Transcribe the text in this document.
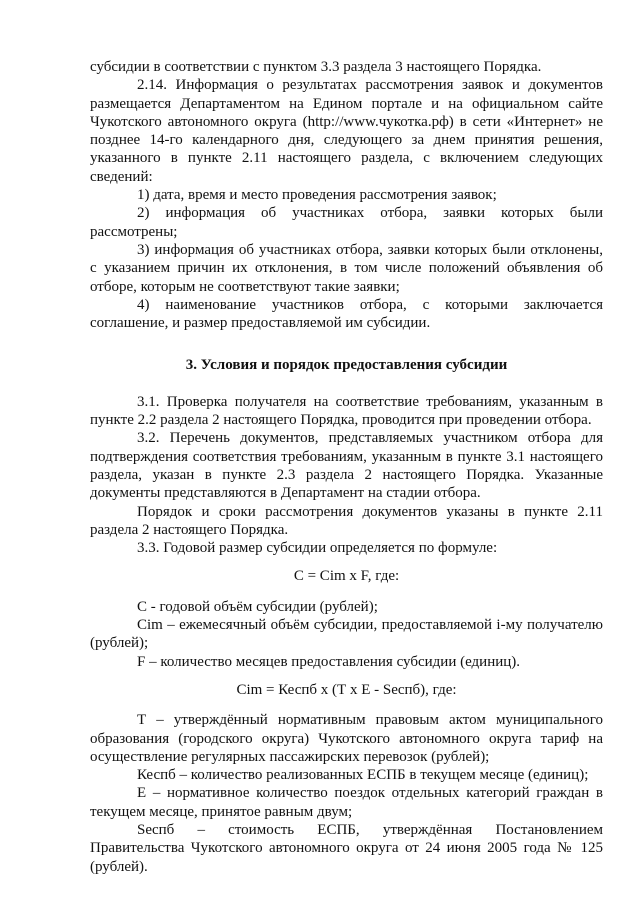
субсидии в соответствии с пунктом 3.3 раздела 3 настоящего Порядка.

2.14. Информация о результатах рассмотрения заявок и документов размещается Департаментом на Едином портале и на официальном сайте Чукотского автономного округа (http://www.чукотка.рф) в сети «Интернет» не позднее 14-го календарного дня, следующего за днем принятия решения, указанного в пункте 2.11 настоящего раздела, с включением следующих сведений:

1) дата, время и место проведения рассмотрения заявок;

2) информация об участниках отбора, заявки которых были рассмотрены;

3) информация об участниках отбора, заявки которых были отклонены, с указанием причин их отклонения, в том числе положений объявления об отборе, которым не соответствуют такие заявки;

4) наименование участников отбора, с которыми заключается соглашение, и размер предоставляемой им субсидии.

3. Условия и порядок предоставления субсидии

3.1. Проверка получателя на соответствие требованиям, указанным в пункте 2.2 раздела 2 настоящего Порядка, проводится при проведении отбора.

3.2. Перечень документов, представляемых участником отбора для подтверждения соответствия требованиям, указанным в пункте 3.1 настоящего раздела, указан в пункте 2.3 раздела 2 настоящего Порядка. Указанные документы представляются в Департамент на стадии отбора.

Порядок и сроки рассмотрения документов указаны в пункте 2.11 раздела 2 настоящего Порядка.

3.3. Годовой размер субсидии определяется по формуле:

С = Cim х F, где:

С - годовой объём субсидии (рублей);

Cim – ежемесячный объём субсидии, предоставляемой i-му получателю (рублей);

F – количество месяцев предоставления субсидии (единиц).

Cim = Кеспб х (Т х Е - Secпб), где:

Т – утверждённый нормативным правовым актом муниципального образования (городского округа) Чукотского автономного округа тариф на осуществление регулярных пассажирских перевозок (рублей);

Кеспб – количество реализованных ЕСПБ в текущем месяце (единиц);

Е – нормативное количество поездок отдельных категорий граждан в текущем месяце, принятое равным двум;

Secпб – стоимость ЕСПБ, утверждённая Постановлением Правительства Чукотского автономного округа от 24 июня 2005 года № 125 (рублей).
